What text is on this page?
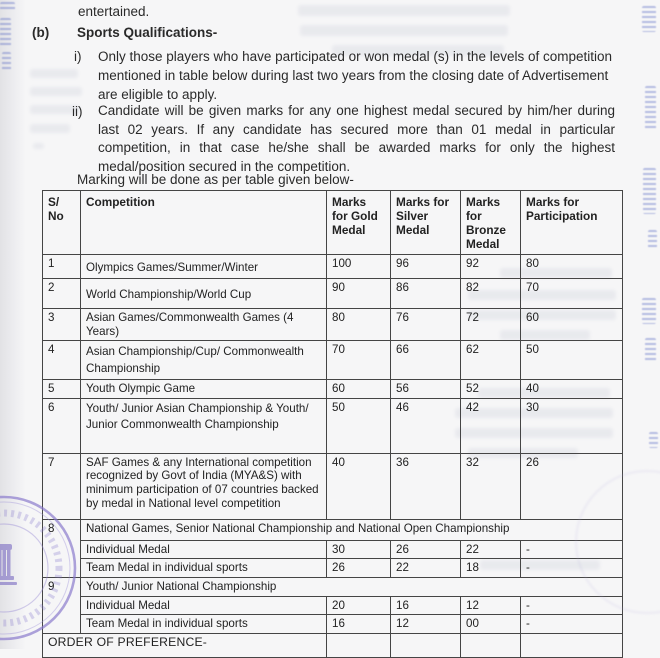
entertained.
(b) Sports Qualifications-
i) Only those players who have participated or won medal (s) in the levels of competition mentioned in table below during last two years from the closing date of Advertisement are eligible to apply.
ii) Candidate will be given marks for any one highest medal secured by him/her during last 02 years. If any candidate has secured more than 01 medal in particular competition, in that case he/she shall be awarded marks for only the highest medal/position secured in the competition.
Marking will be done as per table given below-
S/ No	Competition	Marks for Gold Medal	Marks for Silver Medal	Marks for Bronze Medal	Marks for Participation
1	Olympics Games/Summer/Winter	100	96	92	80
2	World Championship/World Cup	90	86	82	70
3	Asian Games/Commonwealth Games (4 Years)	80	76	72	60
4	Asian Championship/Cup/ Commonwealth Championship	70	66	62	50
5	Youth Olympic Game	60	56	52	40
6	Youth/ Junior Asian Championship & Youth/ Junior Commonwealth Championship	50	46	42	30
7	SAF Games & any International competition recognized by Govt of India (MYA&S) with minimum participation of 07 countries backed by medal in National level competition	40	36	32	26
8	National Games, Senior National Championship and National Open Championship				
	Individual Medal	30	26	22	-
	Team Medal in individual sports	26	22	18	-
9	Youth/ Junior National Championship				
	Individual Medal	20	16	12	-
	Team Medal in individual sports	16	12	00	-
ORDER OF PREFERENCE-					
